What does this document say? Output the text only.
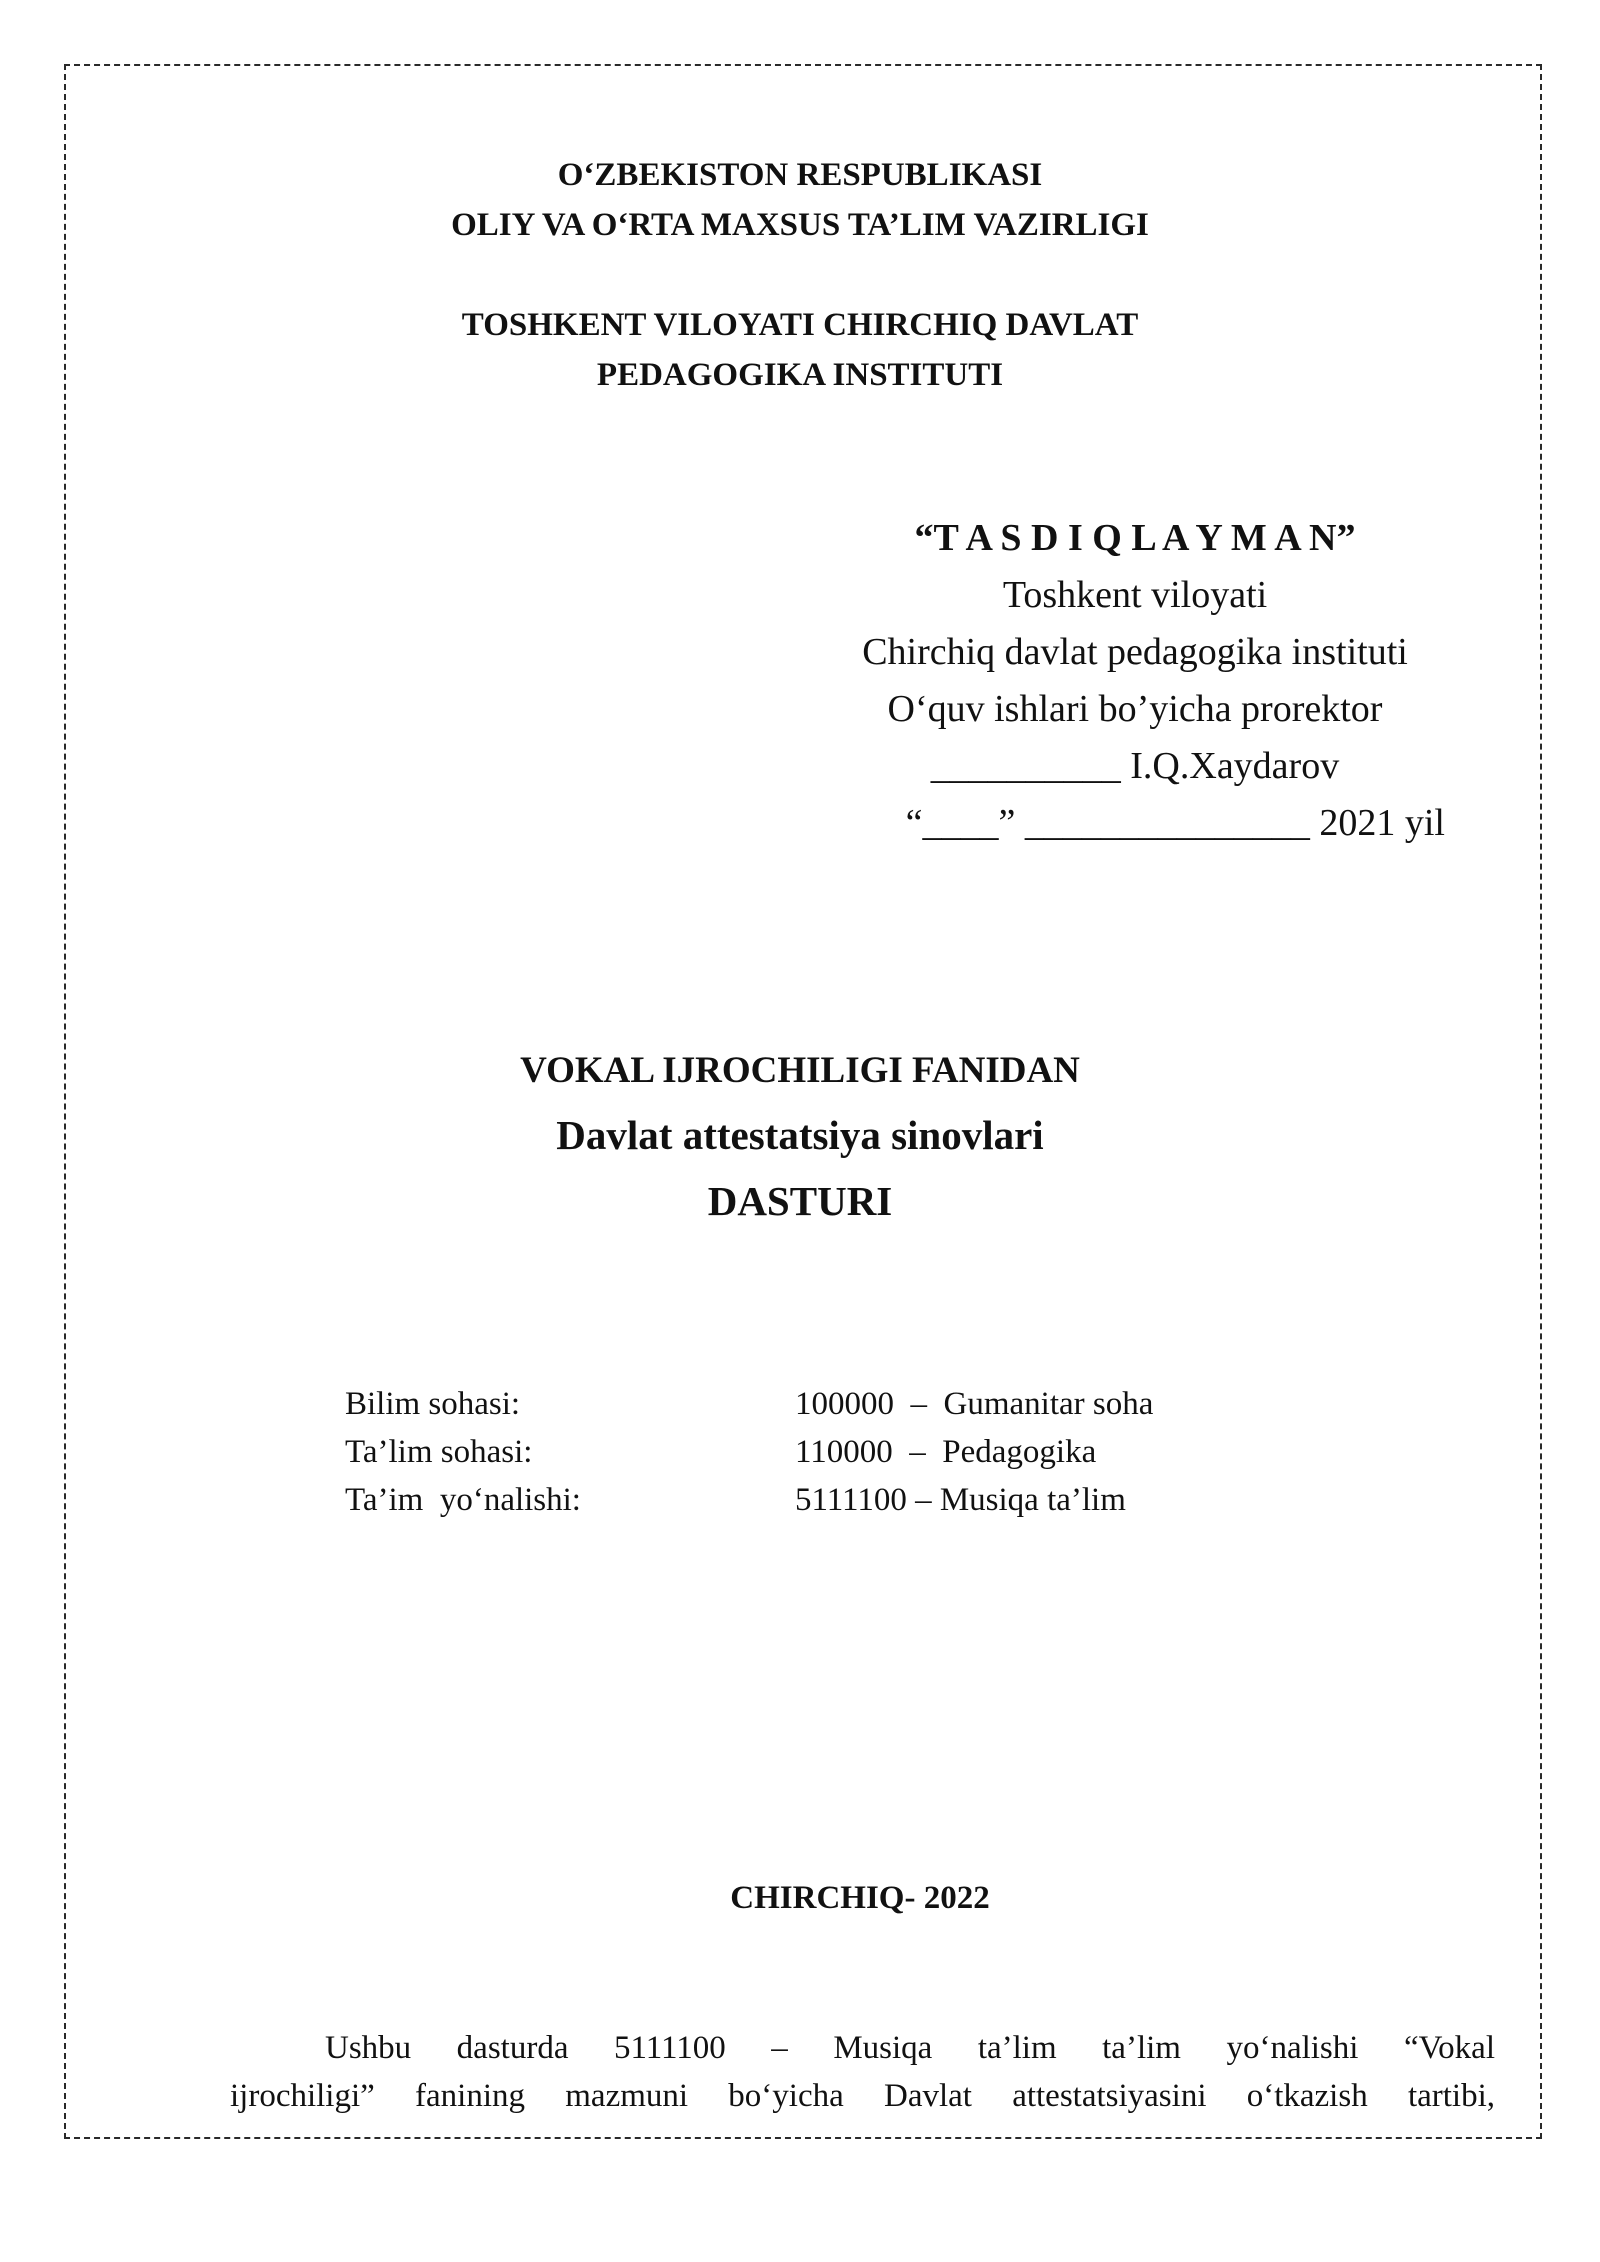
O‘ZBEKISTON RESPUBLIKASI
OLIY VA O‘RTA MAXSUS TA’LIM VAZIRLIGI
TOSHKENT VILOYATI CHIRCHIQ DAVLAT
PEDAGOGIKA INSTITUTI
“T A S D I Q L A Y M A N”
Toshkent viloyati
Chirchiq davlat pedagogika instituti
O‘quv ishlari bo’yicha prorektor
__________ I.Q.Xaydarov
“____” _______________ 2021 yil
VOKAL IJROCHILIGI FANIDAN
Davlat attestatsiya sinovlari
DASTURI
Bilim sohasi:	100000  –  Gumanitar soha
Ta’lim sohasi:	110000  –  Pedagogika
Ta’im  yo‘nalishi:	5111100 – Musiqa ta’lim
CHIRCHIQ- 2022
Ushbu dasturda 5111100 – Musiqa ta’lim ta’lim yo‘nalishi “Vokal
ijrochiligi” fanining mazmuni bo‘yicha Davlat attestatsiyasini o‘tkazish tartibi,
